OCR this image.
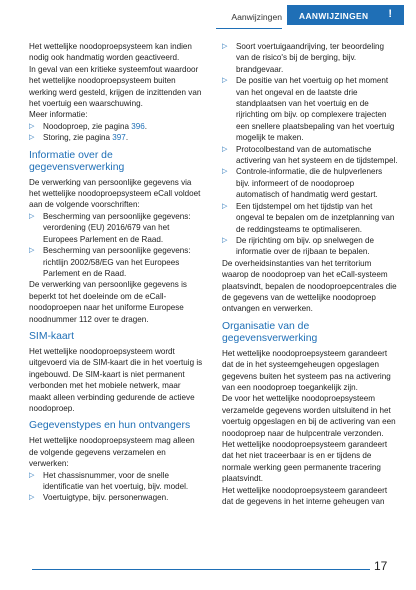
Aanwijzingen AANWIJZINGEN !

Het wettelijke noodoproepsysteem kan indien nodig ook handmatig worden geactiveerd.

In geval van een kritieke systeemfout waardoor het wettelijke noodoproepsysteem buiten werking werd gesteld, krijgen de inzittenden van het voertuig een waarschuwing.

Meer informatie:

▷ Noodoproep, zie pagina 396.
▷ Storing, zie pagina 397.
Informatie over de gegevensverwerking

De verwerking van persoonlijke gegevens via het wettelijke noodoproepsysteem eCall voldoet aan de volgende voorschriften:

▷ Bescherming van persoonlijke gegevens: verordening (EU) 2016/679 van het Europees Parlement en de Raad.
▷ Bescherming van persoonlijke gegevens: richtlijn 2002/58/EG van het Europees Parlement en de Raad.

De verwerking van persoonlijke gegevens is beperkt tot het doeleinde om de eCall-noodoproepen naar het uniforme Europese noodnummer 112 over te dragen.

SIM-kaart

Het wettelijke noodoproepsysteem wordt uitgevoerd via de SIM-kaart die in het voertuig is ingebouwd. De SIM-kaart is niet permanent verbonden met het mobiele netwerk, maar maakt alleen verbinding gedurende de actieve noodoproep.

Gegevenstypes en hun ontvangers

Het wettelijke noodoproepsysteem mag alleen de volgende gegevens verzamelen en verwerken:

▷ Het chassisnummer, voor de snelle identificatie van het voertuig, bijv. model.
▷ Voertuigtype, bijv. personenwagen.
▷ Soort voertuigaandrijving, ter beoordeling van de risico's bij de berging, bijv. brandgevaar.
▷ De positie van het voertuig op het moment van het ongeval en de laatste drie standplaatsen van het voertuig en de rijrichting om bijv. op complexere trajecten een snellere plaatsbepaling van het voertuig mogelijk te maken.
▷ Protocolbestand van de automatische activering van het systeem en de tijdstempel.
▷ Controle-informatie, die de hulpverleners bijv. informeert of de noodoproep automatisch of handmatig werd gestart.
▷ Een tijdstempel om het tijdstip van het ongeval te bepalen om de inzetplanning van de reddingsteams te optimaliseren.
▷ De rijrichting om bijv. op snelwegen de informatie over de rijbaan te bepalen.

De overheidsinstanties van het territorium waarop de noodoproep van het eCall-systeem plaatsvindt, bepalen de noodoproepcentrales die de gegevens van de wettelijke noodoproep ontvangen en verwerken.

Organisatie van de gegevensverwerking

Het wettelijke noodoproepsysteem garandeert dat de in het systeemgeheugen opgeslagen gegevens buiten het systeem pas na activering van een noodoproep toegankelijk zijn.

De voor het wettelijke noodoproepsysteem verzamelde gegevens worden uitsluitend in het voertuig opgeslagen en bij de activering van een noodoproep naar de hulpcentrale verzonden.

Het wettelijke noodoproepsysteem garandeert dat het niet traceerbaar is en er tijdens de normale werking geen permanente tracering plaatsvindt.

Het wettelijke noodoproepsysteem garandeert dat de gegevens in het interne geheugen van

17
